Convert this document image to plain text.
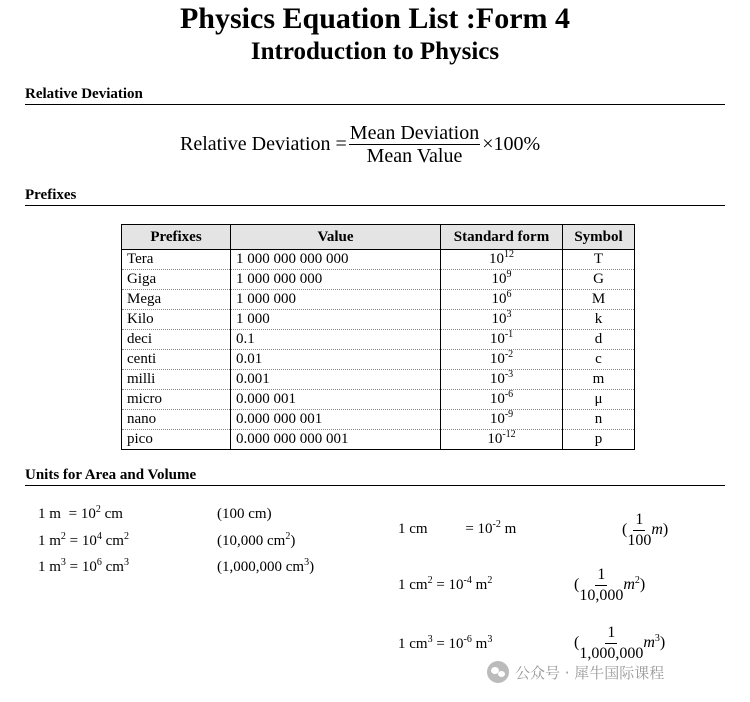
Physics Equation List :Form 4
Introduction to Physics
Relative Deviation
Relative Deviation = $\frac{\text{Mean Deviation}}{\text{Mean Value}} \times 100\%$
Prefixes
Prefixes	Value	Standard form	Symbol
Tera	1 000 000 000 000	$10^{12}$	T
Giga	1 000 000 000	$10^9$	G
Mega	1 000 000	$10^6$	M
Kilo	1 000	$10^3$	k
deci	0.1	$10^{-1}$	d
centi	0.01	$10^{-2}$	c
milli	0.001	$10^{-3}$	m
micro	0.000 001	$10^{-6}$	μ
nano	0.000 000 001	$10^{-9}$	n
pico	0.000 000 000 001	$10^{-12}$	p
Units for Area and Volume
1 $m = 10^2$ cm	(100 cm)
1 $m^2 = 10^4$ $cm^2$	(10,000 $cm^2$)
1 $m^3 = 10^6$ $cm^3$	(1,000,000 $cm^3$)
1 cm	= $10^{-2}$ m	( $\frac{1}{100} m$)
1 $cm^2 = 10^{-4}$ $m^2$	( $\frac{1}{10,000} m^2$)
1 $cm^3 = 10^{-6}$ $m^3$	( $\frac{1}{1,000,000} m^3$)
公众号 · 犀牛国际课程
